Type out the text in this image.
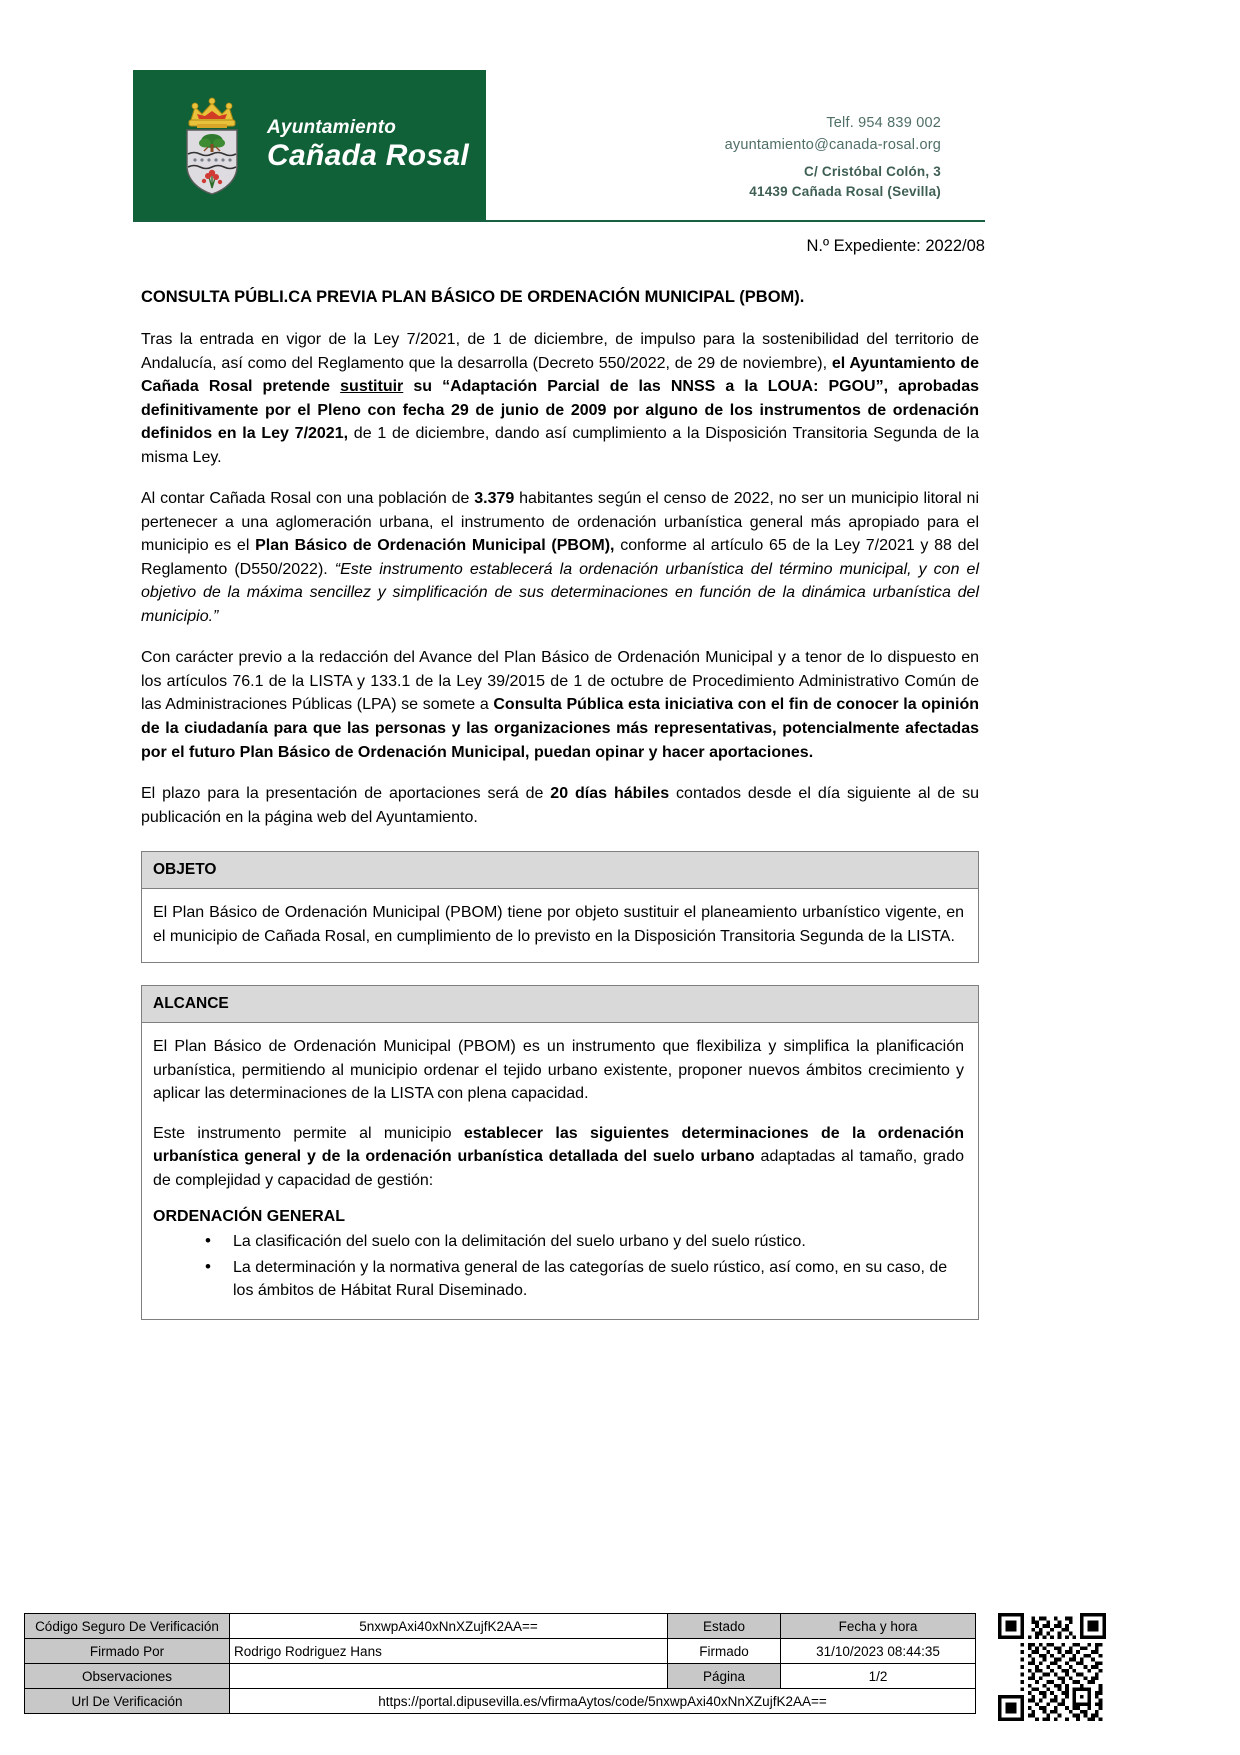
Ayuntamiento
Cañada Rosal
Telf. 954 839 002
ayuntamiento@canada-rosal.org
C/ Cristóbal Colón, 3
41439 Cañada Rosal (Sevilla)
N.º Expediente: 2022/08
CONSULTA PÚBLI.CA PREVIA PLAN BÁSICO DE ORDENACIÓN MUNICIPAL (PBOM).

Tras la entrada en vigor de la Ley 7/2021, de 1 de diciembre, de impulso para la sostenibilidad del territorio de Andalucía, así como del Reglamento que la desarrolla (Decreto 550/2022, de 29 de noviembre), el Ayuntamiento de Cañada Rosal pretende sustituir su “Adaptación Parcial de las NNSS a la LOUA: PGOU”, aprobadas definitivamente por el Pleno con fecha 29 de junio de 2009 por alguno de los instrumentos de ordenación definidos en la Ley 7/2021, de 1 de diciembre, dando así cumplimiento a la Disposición Transitoria Segunda de la misma Ley.

Al contar Cañada Rosal con una población de 3.379 habitantes según el censo de 2022, no ser un municipio litoral ni pertenecer a una aglomeración urbana, el instrumento de ordenación urbanística general más apropiado para el municipio es el Plan Básico de Ordenación Municipal (PBOM), conforme al artículo 65 de la Ley 7/2021 y 88 del Reglamento (D550/2022). “Este instrumento establecerá la ordenación urbanística del término municipal, y con el objetivo de la máxima sencillez y simplificación de sus determinaciones en función de la dinámica urbanística del municipio.”

Con carácter previo a la redacción del Avance del Plan Básico de Ordenación Municipal y a tenor de lo dispuesto en los artículos 76.1 de la LISTA y 133.1 de la Ley 39/2015 de 1 de octubre de Procedimiento Administrativo Común de las Administraciones Públicas (LPA) se somete a Consulta Pública esta iniciativa con el fin de conocer la opinión de la ciudadanía para que las personas y las organizaciones más representativas, potencialmente afectadas por el futuro Plan Básico de Ordenación Municipal, puedan opinar y hacer aportaciones.

El plazo para la presentación de aportaciones será de 20 días hábiles contados desde el día siguiente al de su publicación en la página web del Ayuntamiento.

OBJETO

El Plan Básico de Ordenación Municipal (PBOM) tiene por objeto sustituir el planeamiento urbanístico vigente, en el municipio de Cañada Rosal, en cumplimiento de lo previsto en la Disposición Transitoria Segunda de la LISTA.

ALCANCE

El Plan Básico de Ordenación Municipal (PBOM) es un instrumento que flexibiliza y simplifica la planificación urbanística, permitiendo al municipio ordenar el tejido urbano existente, proponer nuevos ámbitos crecimiento y aplicar las determinaciones de la LISTA con plena capacidad.

Este instrumento permite al municipio establecer las siguientes determinaciones de la ordenación urbanística general y de la ordenación urbanística detallada del suelo urbano adaptadas al tamaño, grado de complejidad y capacidad de gestión:

ORDENACIÓN GENERAL
• La clasificación del suelo con la delimitación del suelo urbano y del suelo rústico.
• La determinación y la normativa general de las categorías de suelo rústico, así como, en su caso, de los ámbitos de Hábitat Rural Diseminado.
Código Seguro De Verificación	5nxwpAxi40xNnXZujfK2AA==	Estado	Fecha y hora
Firmado Por	Rodrigo Rodriguez Hans	Firmado	31/10/2023 08:44:35
Observaciones		Página	1/2
Url De Verificación	https://portal.dipusevilla.es/vfirmaAytos/code/5nxwpAxi40xNnXZujfK2AA==		
